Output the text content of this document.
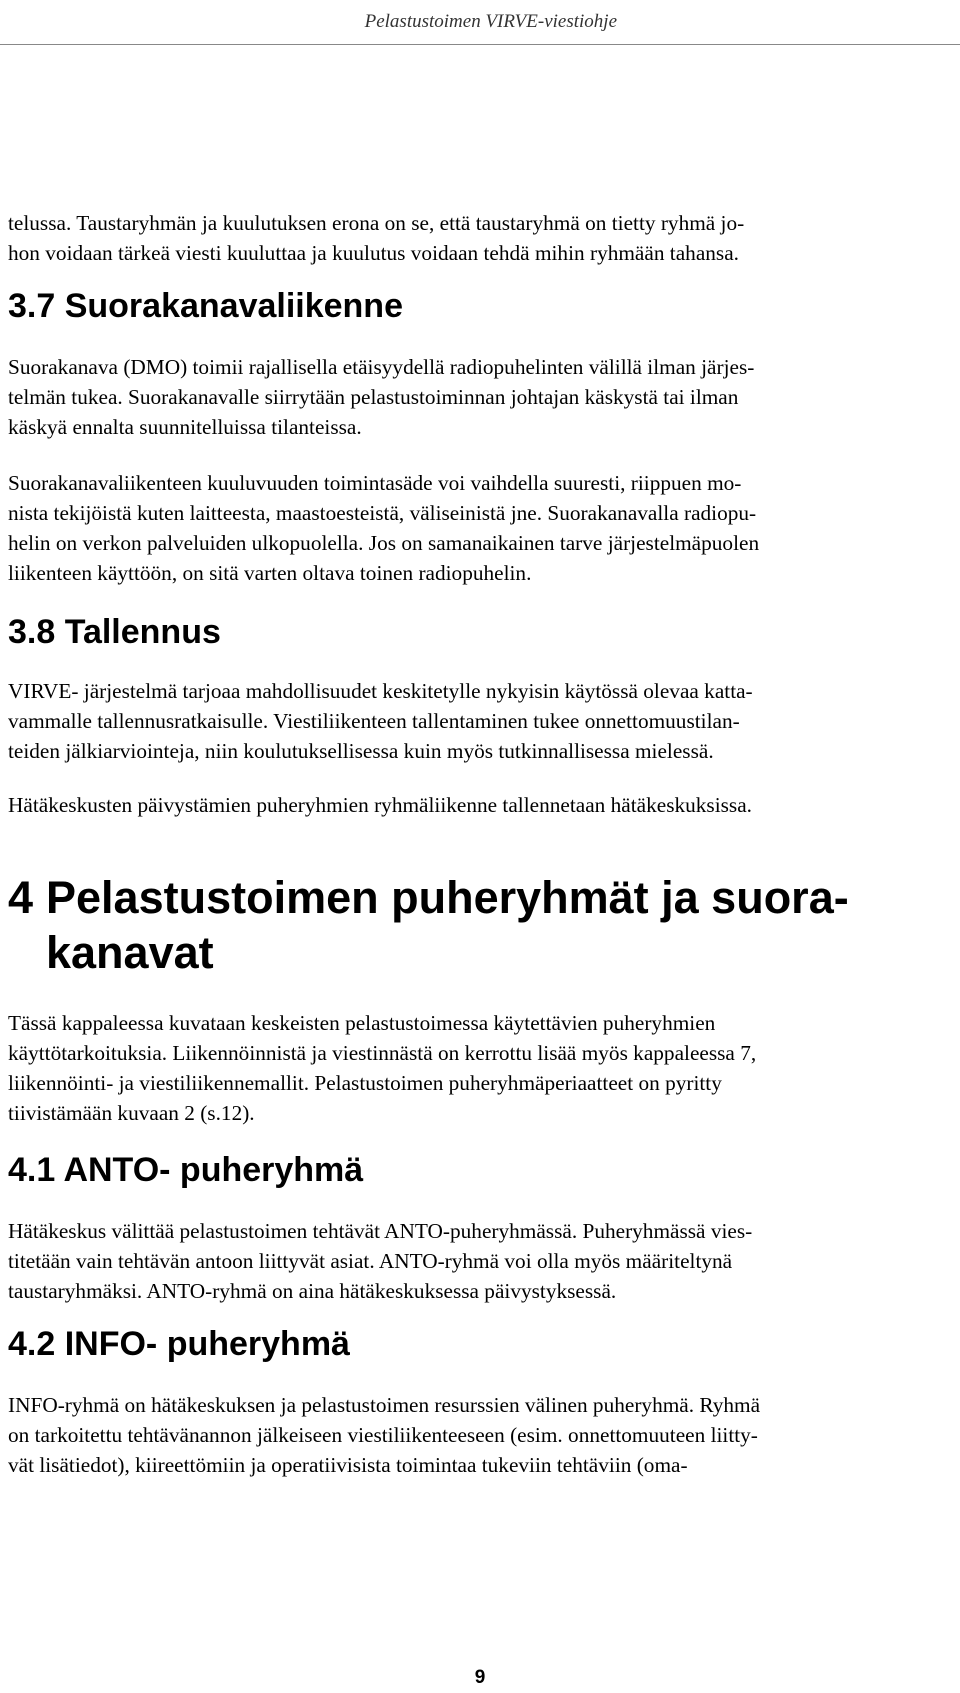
Pelastustoimen VIRVE-viestiohje

telussa. Taustaryhmän ja kuulutuksen erona on se, että taustaryhmä on tietty ryhmä jo-
hon voidaan tärkeä viesti kuuluttaa ja kuulutus voidaan tehdä mihin ryhmään tahansa.

3.7 Suorakanavaliikenne

Suorakanava (DMO) toimii rajallisella etäisyydellä radiopuhelinten välillä ilman järjes-
telmän tukea. Suorakanavalle siirrytään pelastustoiminnan johtajan käskystä tai ilman
käskyä ennalta suunnitelluissa tilanteissa.

Suorakanavaliikenteen kuuluvuuden toimintasäde voi vaihdella suuresti, riippuen mo-
nista tekijöistä kuten laitteesta, maastoesteistä, väliseinistä jne. Suorakanavalla radiopu-
helin on verkon palveluiden ulkopuolella. Jos on samanaikainen tarve järjestelmäpuolen
liikenteen käyttöön, on sitä varten oltava toinen radiopuhelin.

3.8 Tallennus

VIRVE- järjestelmä tarjoaa mahdollisuudet keskitetylle nykyisin käytössä olevaa katta-
vammalle tallennusratkaisulle. Viestiliikenteen tallentaminen tukee onnettomuustilan-
teiden jälkiarviointeja, niin koulutuksellisessa kuin myös tutkinnallisessa mielessä.

Hätäkeskusten päivystämien puheryhmien ryhmäliikenne tallennetaan hätäkeskuksissa.

4 Pelastustoimen puheryhmät ja suora-
kanavat

Tässä kappaleessa kuvataan keskeisten pelastustoimessa käytettävien puheryhmien
käyttötarkoituksia. Liikennöinnistä ja viestinnästä on kerrottu lisää myös kappaleessa 7,
liikennöinti- ja viestiliikennemallit. Pelastustoimen puheryhmäperiaatteet on pyritty
tiivistämään kuvaan 2 (s.12).

4.1 ANTO- puheryhmä

Hätäkeskus välittää pelastustoimen tehtävät ANTO-puheryhmässä. Puheryhmässä vies-
titetään vain tehtävän antoon liittyvät asiat. ANTO-ryhmä voi olla myös määriteltynä
taustaryhmäksi. ANTO-ryhmä on aina hätäkeskuksessa päivystyksessä.

4.2 INFO- puheryhmä

INFO-ryhmä on hätäkeskuksen ja pelastustoimen resurssien välinen puheryhmä. Ryhmä
on tarkoitettu tehtävänannon jälkeiseen viestiliikenteeseen (esim. onnettomuuteen liitty-
vät lisätiedot), kiireettömiin ja operatiivisista toimintaa tukeviin tehtäviin (oma-

9
